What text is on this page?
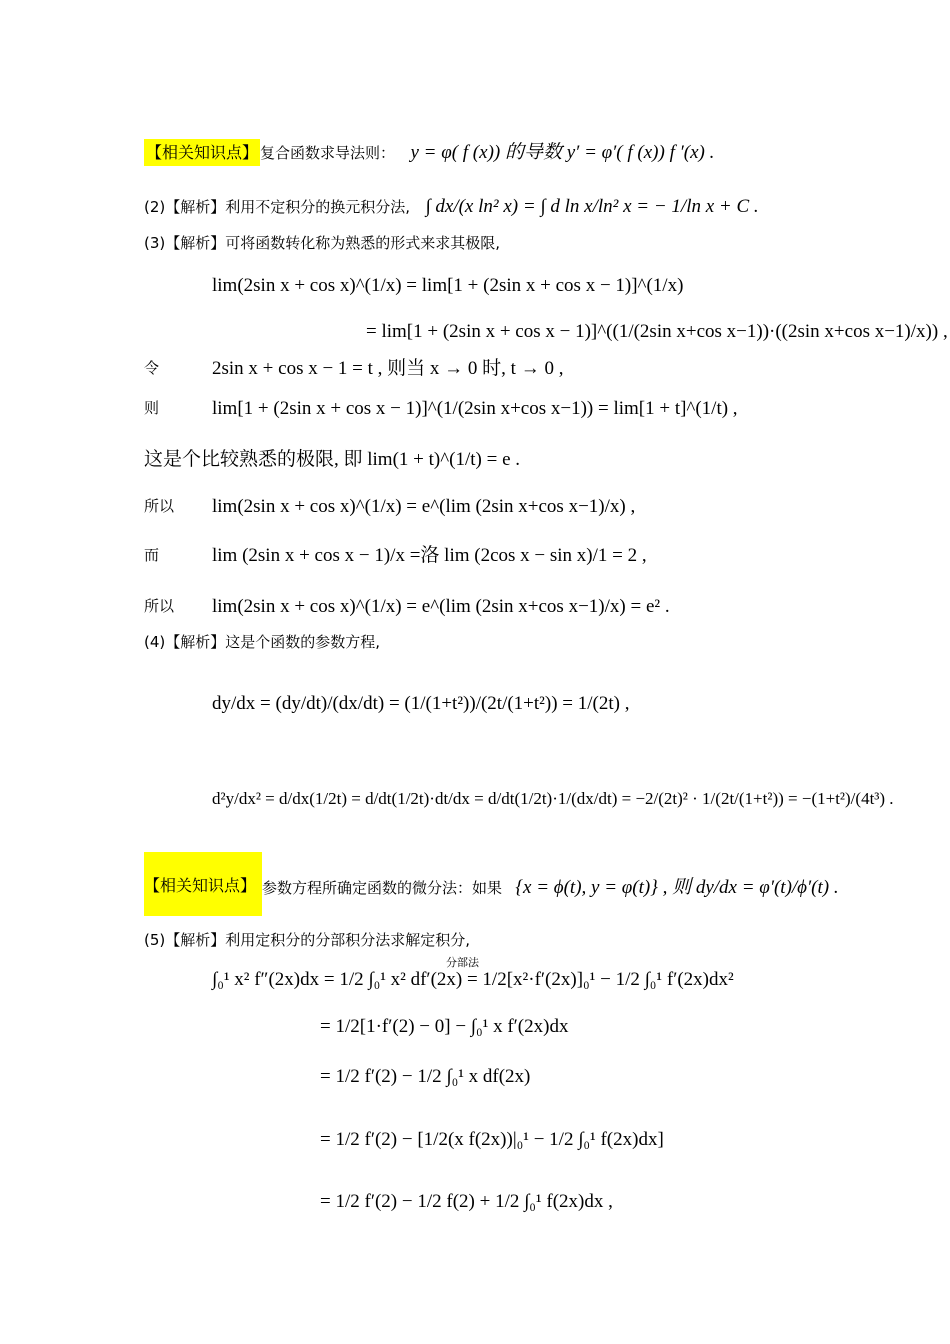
【相关知识点】 复合函数求导法则： y = φ( f (x)) 的导数 y′ = φ′( f (x)) f ′(x) .
(2)【解析】利用不定积分的换元积分法, ∫ dx/(x ln² x) = ∫ d ln x/ln² x = − 1/ln x + C .
(3)【解析】可将函数转化称为熟悉的形式来求其极限,
lim(2sin x + cos x)^(1/x) = lim[1 + (2sin x + cos x − 1)]^(1/x)
= lim[1 + (2sin x + cos x − 1)]^((1/(2sin x+cos x−1))·((2sin x+cos x−1)/x)) ,
令	2sin x + cos x − 1 = t , 则当 x → 0 时, t → 0 ,
则	lim[1 + (2sin x + cos x − 1)]^(1/(2sin x+cos x−1)) = lim[1 + t]^(1/t) ,
这是个比较熟悉的极限, 即 lim(1 + t)^(1/t) = e .
所以 lim(2sin x + cos x)^(1/x) = e^(lim (2sin x+cos x−1)/x) ,
而	lim (2sin x + cos x − 1)/x =洛 lim (2cos x − sin x)/1 = 2 ,
所以 lim(2sin x + cos x)^(1/x) = e^(lim (2sin x+cos x−1)/x) = e² .
(4)【解析】这是个函数的参数方程,
dy/dx = (dy/dt)/(dx/dt) = (1/(1+t²))/(2t/(1+t²)) = 1/(2t) ,
d²y/dx² = d/dx(1/2t) = d/dt(1/2t)·dt/dx = d/dt(1/2t)·1/(dx/dt) = −2/(2t)² · 1/(2t/(1+t²)) = −(1+t²)/(4t³) .
【相关知识点】 参数方程所确定函数的微分法：如果 {x = ϕ(t), y = φ(t)} , 则 dy/dx = φ′(t)/ϕ′(t) .
(5)【解析】利用定积分的分部积分法求解定积分,
分部法
∫₀¹ x² f″(2x)dx = 1/2 ∫₀¹ x² df′(2x) = 1/2[x²·f′(2x)]₀¹ − 1/2 ∫₀¹ f′(2x)dx²
= 1/2[1·f′(2) − 0] − ∫₀¹ x f′(2x)dx
= 1/2 f′(2) − 1/2 ∫₀¹ x df(2x)
= 1/2 f′(2) − [1/2(x f(2x))|₀¹ − 1/2 ∫₀¹ f(2x)dx]
= 1/2 f′(2) − 1/2 f(2) + 1/2 ∫₀¹ f(2x)dx ,
